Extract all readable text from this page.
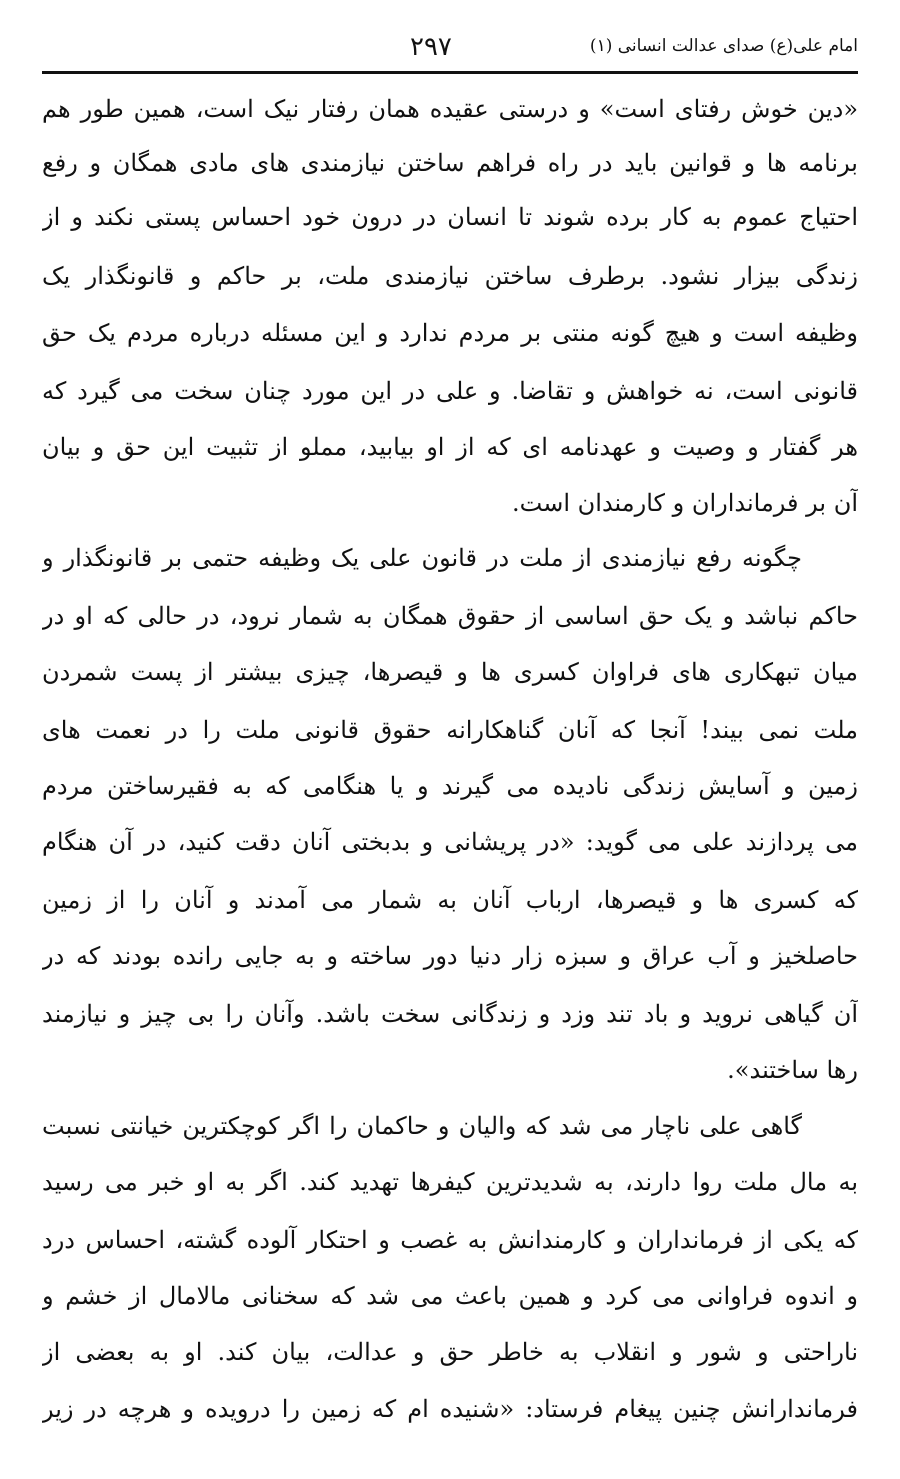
امام علی(ع) صدای عدالت انسانی (۱)
۲۹۷
«دین خوش رفتای است» و درستی عقیده همان رفتار نیک است، همین طور هم
برنامه ها و قوانین باید در راه فراهم ساختن نیازمندی های مادی همگان و رفع
احتیاج عموم به کار برده شوند تا انسان در درون خود احساس پستی نکند و از
زندگی بیزار نشود. برطرف ساختن نیازمندی ملت، بر حاکم و قانونگذار یک
وظیفه است و هیچ گونه منتی بر مردم ندارد و این مسئله درباره مردم یک حق
قانونی است، نه خواهش و تقاضا. و علی در این مورد چنان سخت می گیرد که
هر گفتار و وصیت و عهدنامه ای که از او بیابید، مملو از تثبیت این حق و بیان
آن بر فرمانداران و کارمندان است.
چگونه رفع نیازمندی از ملت در قانون علی یک وظیفه حتمی بر قانونگذار و
حاکم نباشد و یک حق اساسی از حقوق همگان به شمار نرود، در حالی که او در
میان تبهکاری های فراوان کسری ها و قیصرها، چیزی بیشتر از پست شمردن
ملت نمی بیند! آنجا که آنان گناهکارانه حقوق قانونی ملت را در نعمت های
زمین و آسایش زندگی نادیده می گیرند و یا هنگامی که به فقیرساختن مردم
می پردازند علی می گوید: «در پریشانی و بدبختی آنان دقت کنید، در آن هنگام
که کسری ها و قیصرها، ارباب آنان به شمار می آمدند و آنان را از زمین
حاصلخیز و آب عراق و سبزه زار دنیا دور ساخته و به جایی رانده بودند که در
آن گیاهی نروید و باد تند وزد و زندگانی سخت باشد. وآنان را بی چیز و نیازمند
رها ساختند».
گاهی علی ناچار می شد که والیان و حاکمان را اگر کوچکترین خیانتی نسبت
به مال ملت روا دارند، به شدیدترین کیفرها تهدید کند. اگر به او خبر می رسید
که یکی از فرمانداران و کارمندانش به غصب و احتکار آلوده گشته، احساس درد
و اندوه فراوانی می کرد و همین باعث می شد که سخنانی مالامال از خشم و
ناراحتی و شور و انقلاب به خاطر حق و عدالت، بیان کند. او به بعضی از
فرماندارانش چنین پیغام فرستاد: «شنیده ام که زمین را درویده و هرچه در زیر
